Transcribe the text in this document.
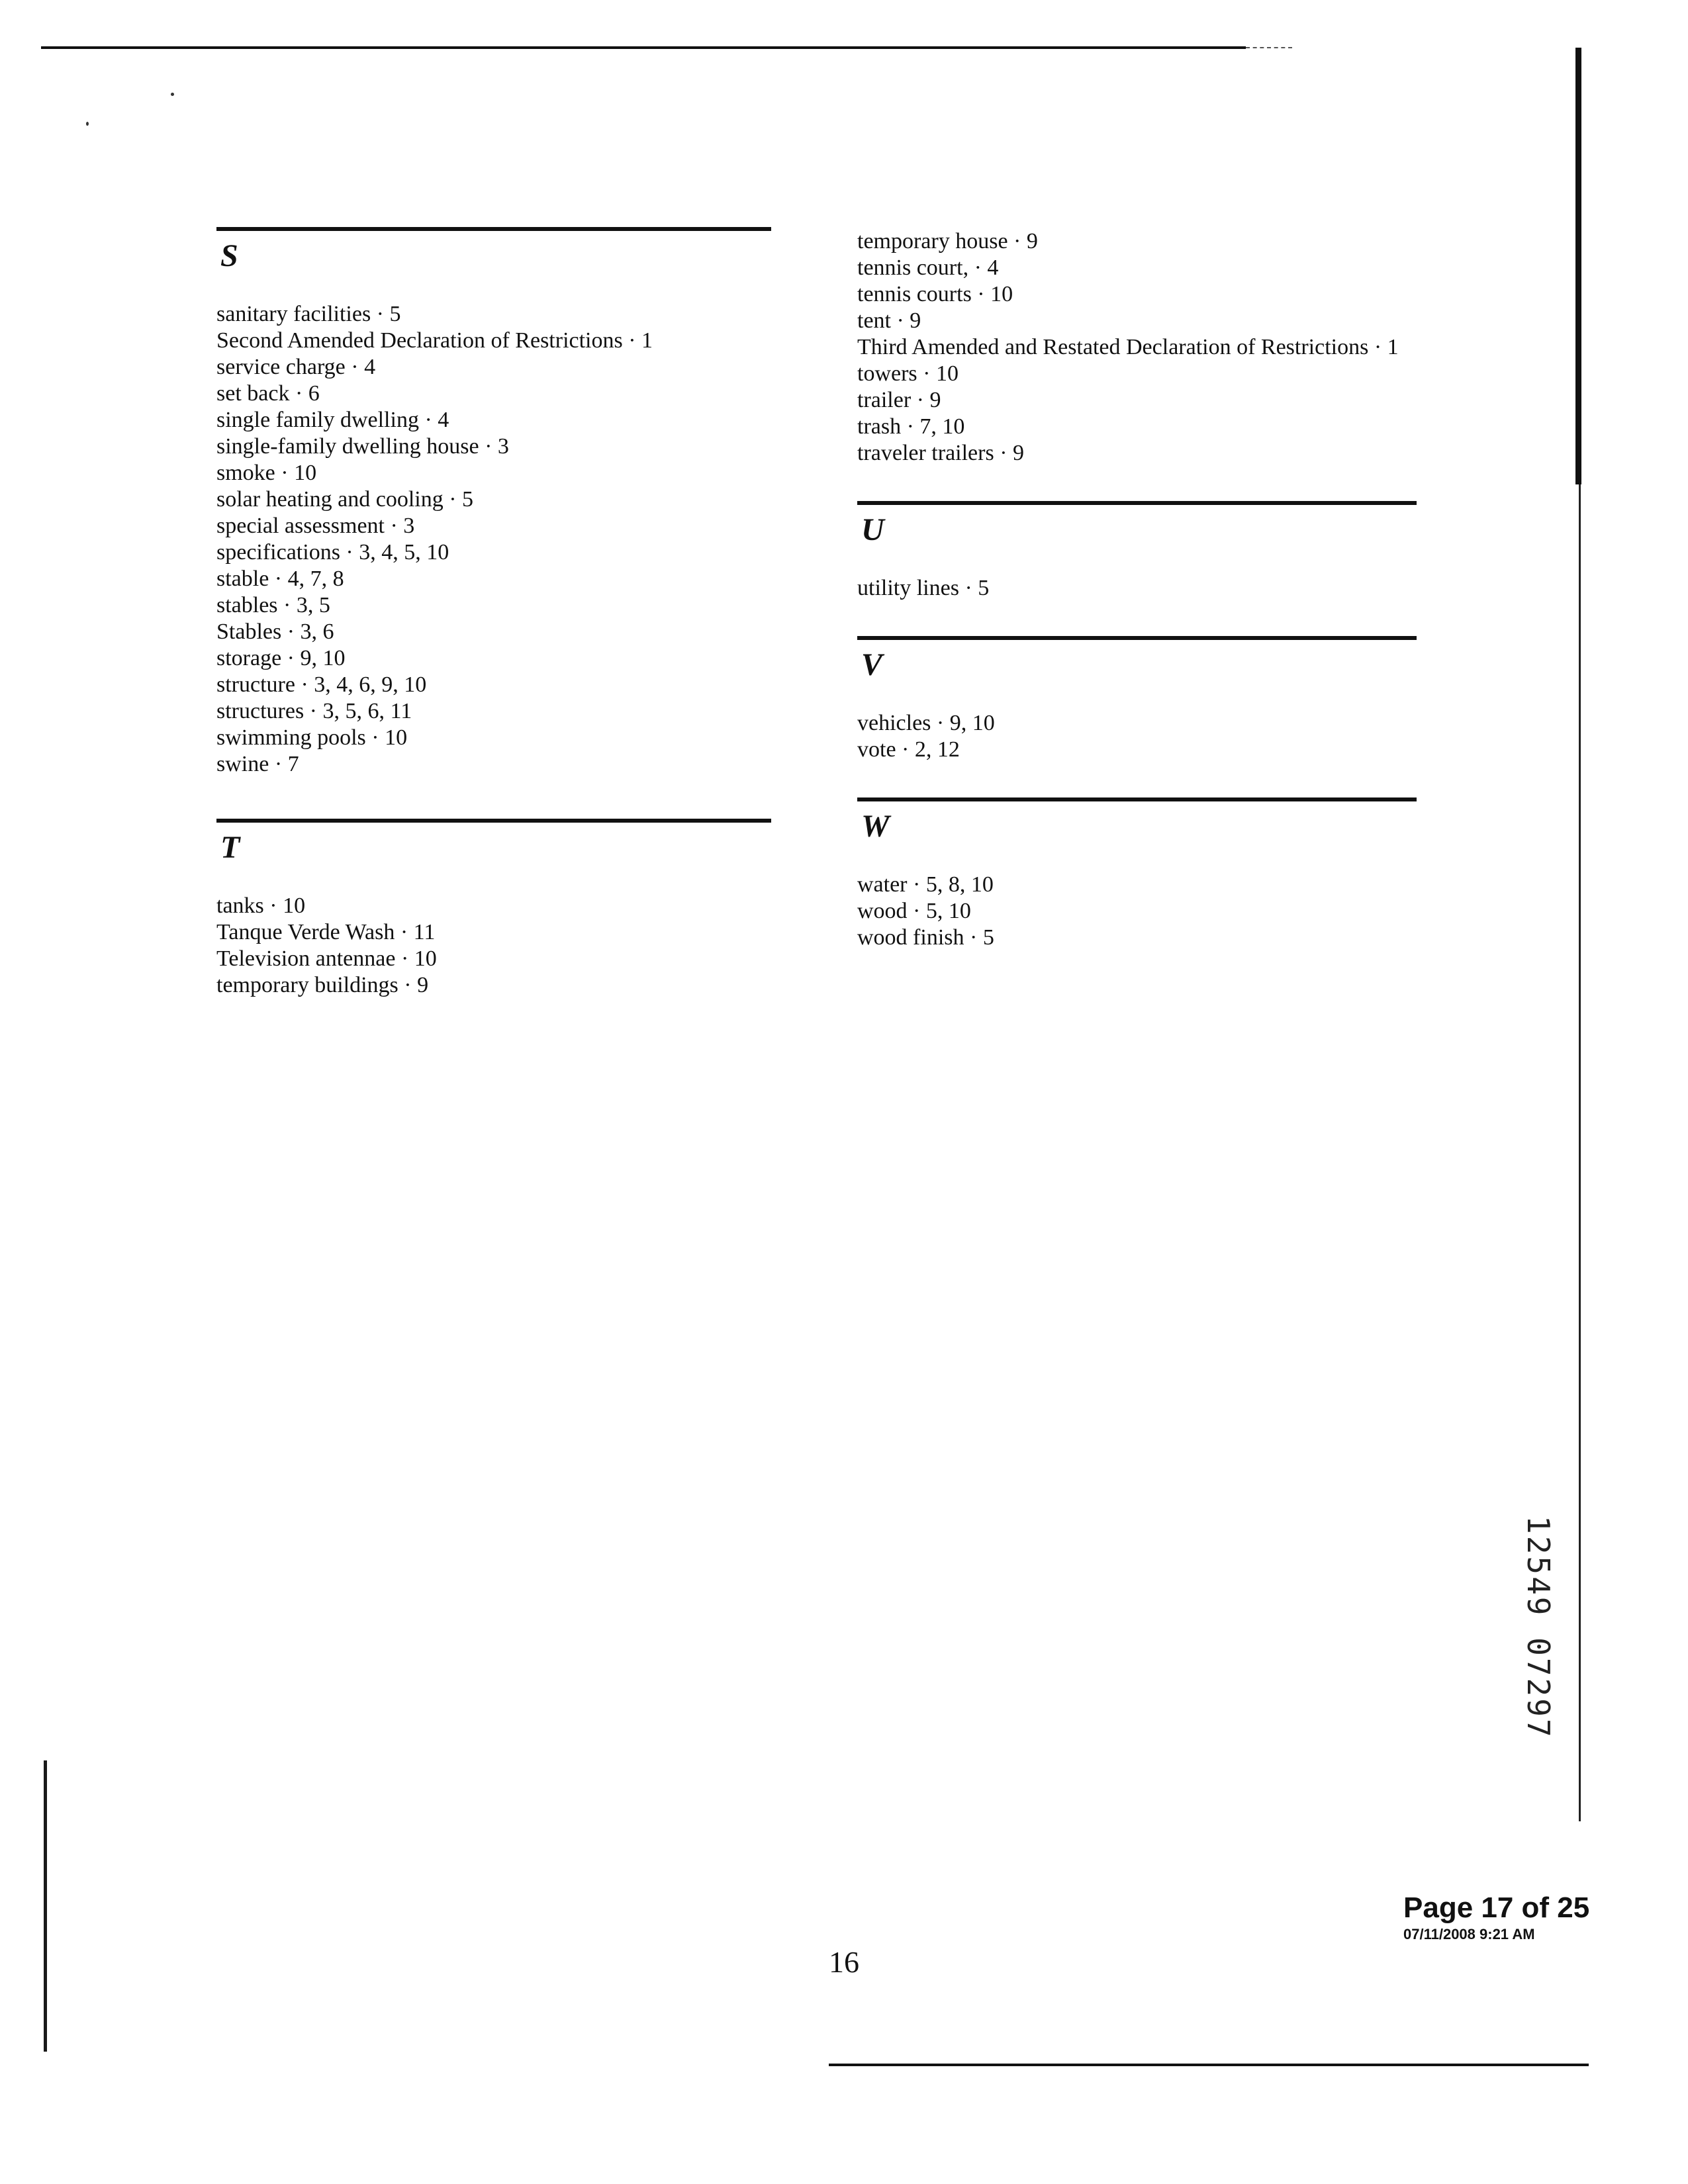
S

sanitary facilities · 5

Second Amended Declaration of Restrictions · 1

service charge · 4

set back · 6

single family dwelling · 4

single-family dwelling house · 3

smoke · 10

solar heating and cooling · 5

special assessment · 3

specifications · 3, 4, 5, 10

stable · 4, 7, 8

stables · 3, 5

Stables · 3, 6

storage · 9, 10

structure · 3, 4, 6, 9, 10

structures · 3, 5, 6, 11

swimming pools · 10

swine · 7

T

tanks · 10

Tanque Verde Wash · 11

Television antennae · 10

temporary buildings · 9

temporary house · 9

tennis court, · 4

tennis courts · 10

tent · 9

Third Amended and Restated Declaration of Restrictions · 1

towers · 10

trailer · 9

trash · 7, 10

traveler trailers · 9

U

utility lines · 5

V

vehicles · 9, 10

vote · 2, 12

W

water · 5, 8, 10

wood · 5, 10

wood finish · 5

12549 07297
Page 17 of 25
07/11/2008 9:21 AM
16
